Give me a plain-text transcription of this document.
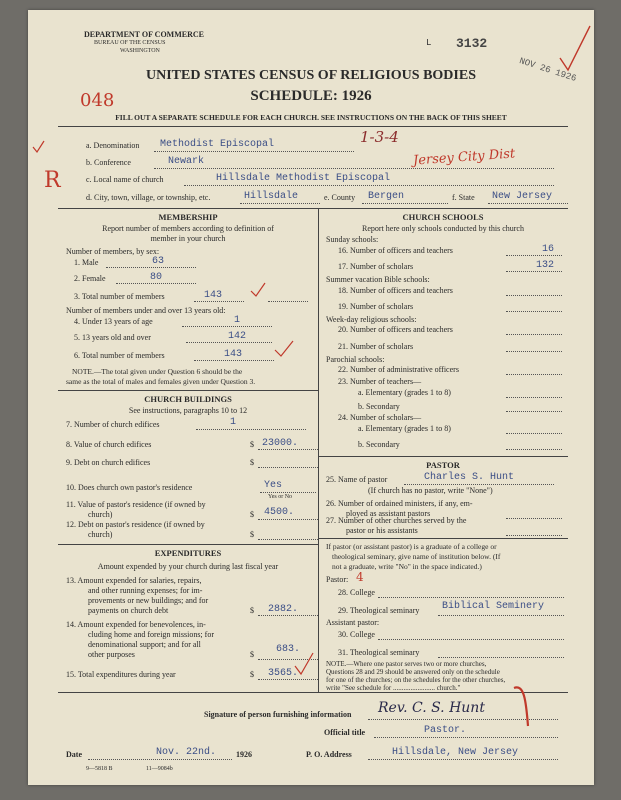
DEPARTMENT OF COMMERCE
BUREAU OF THE CENSUS
WASHINGTON
L 3132
NOV 26 1926
UNITED STATES CENSUS OF RELIGIOUS BODIES
SCHEDULE: 1926
048
FILL OUT A SEPARATE SCHEDULE FOR EACH CHURCH. SEE INSTRUCTIONS ON THE BACK OF THIS SHEET
1-3-4
Jersey City Dist
R
a. Denomination Methodist Episcopal
b. Conference	Newark
c. Local name of church	Hillsdale Methodist Episcopal
d. City, town, village, or township, etc.	Hillsdale	e. County Bergen	f. State New Jersey
MEMBERSHIP
Report number of members according to definition of
member in your church
Number of members, by sex:
1. Male	63
2. Female	80
3. Total number of members	143
Number of members under and over 13 years old:
4. Under 13 years of age	1
5. 13 years old and over	142
6. Total number of members	143
NOTE.—The total given under Question 6 should be the
same as the total of males and females given under Question 3.
CHURCH BUILDINGS
See instructions, paragraphs 10 to 12
7. Number of church edifices	1
8. Value of church edifices	$ 23000.
9. Debt on church edifices	$
10. Does church own pastor's residence	Yes
Yes or No
11. Value of pastor's residence (if owned by
church)	$ 4500.
12. Debt on pastor's residence (if owned by
church)	$
EXPENDITURES
Amount expended by your church during last fiscal year
13. Amount expended for salaries, repairs,
and other running expenses; for im-
provements or new buildings; and for
payments on church debt	$ 2882.
14. Amount expended for benevolences, in-
cluding home and foreign missions; for
denominational support; and for all
other purposes	$ 683.
15. Total expenditures during year	$ 3565.
CHURCH SCHOOLS
Report here only schools conducted by this church
Sunday schools:
16. Number of officers and teachers	16
17. Number of scholars	132
Summer vacation Bible schools:
18. Number of officers and teachers
19. Number of scholars
Week-day religious schools:
20. Number of officers and teachers
21. Number of scholars
Parochial schools:
22. Number of administrative officers
23. Number of teachers—
a. Elementary (grades 1 to 8)
b. Secondary
24. Number of scholars—
a. Elementary (grades 1 to 8)
b. Secondary
PASTOR
25. Name of pastor	Charles S. Hunt
(If church has no pastor, write "None")
26. Number of ordained ministers, if any, em-
ployed as assistant pastors
27. Number of other churches served by the
pastor or his assistants
If pastor (or assistant pastor) is a graduate of a college or
theological seminary, give name of institution below. (If
not a graduate, write "No" in the space indicated.)
Pastor: 4
28. College
29. Theological seminary Biblical Seminery
Assistant pastor:
30. College
31. Theological seminary
NOTE.—Where one pastor serves two or more churches,
Questions 28 and 29 should be answered only on the schedule
for one of the churches; on the schedules for the other churches,
write "See schedule for ........................ church."
Signature of person furnishing information Rev. C. S. Hunt
Official title	Pastor.
Date	Nov. 22nd. 1926	P. O. Address	Hillsdale, New Jersey
9—5818 B	11—9084b
